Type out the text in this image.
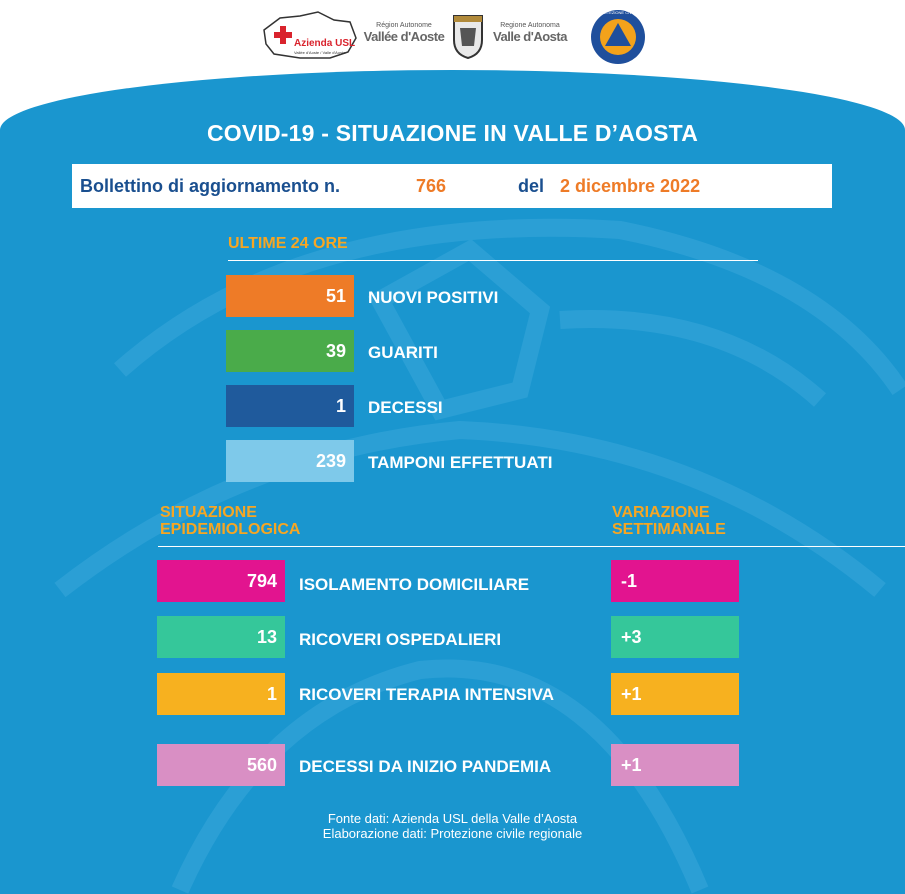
Azienda USL
Vallée d'Aoste / Valle d'Aosta
Région Autonome
Vallée d'Aoste
Regione Autonoma
Valle d'Aosta
PROTEZIONE CIVILE
COVID-19 - SITUAZIONE IN VALLE D’AOSTA
Bollettino di aggiornamento n.	766	del 2 dicembre 2022
ULTIME 24 ORE
51	NUOVI POSITIVI
39	GUARITI
1	DECESSI
239	TAMPONI EFFETTUATI
SITUAZIONE
EPIDEMIOLOGICA
VARIAZIONE
SETTIMANALE
794	ISOLAMENTO DOMICILIARE	-1
13	RICOVERI OSPEDALIERI	+3
1	RICOVERI TERAPIA INTENSIVA	+1
560	DECESSI DA INIZIO PANDEMIA	+1
Fonte dati: Azienda USL della Valle d’Aosta
Elaborazione dati: Protezione civile regionale
